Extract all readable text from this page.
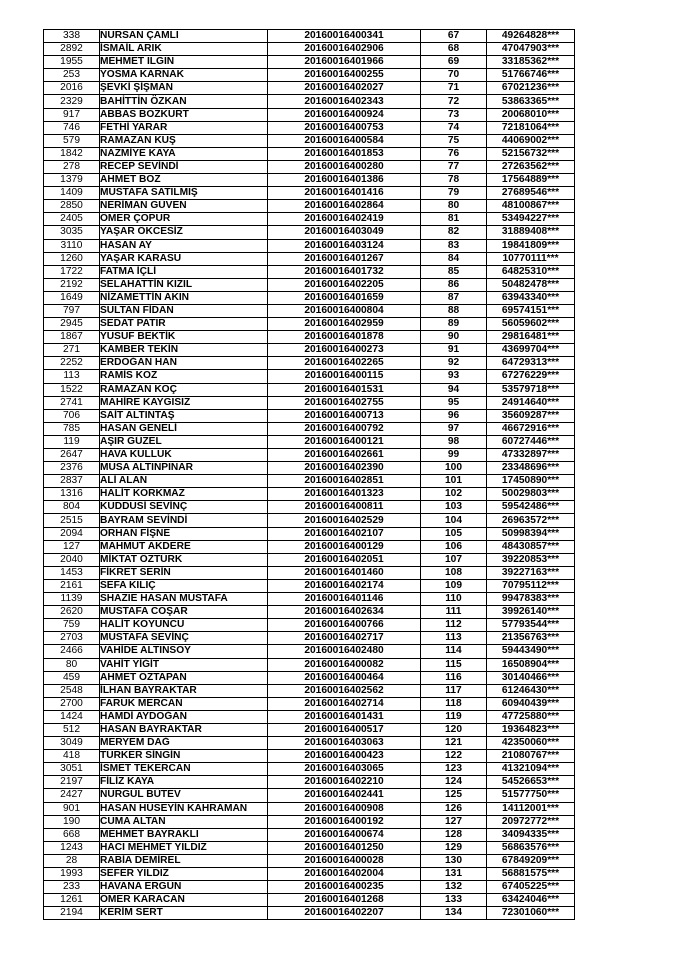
338	NURSAN ÇAMLI	20160016400341	67	49264828***
2892	İSMAİL ARIK	20160016402906	68	47047903***
1955	MEHMET ILGIN	20160016401966	69	33185362***
253	YOSMA KARNAK	20160016400255	70	51766746***
2016	ŞEVKİ ŞİŞMAN	20160016402027	71	67021236***
2329	BAHİTTİN ÖZKAN	20160016402343	72	53863365***
917	ABBAS BOZKURT	20160016400924	73	20068010***
746	FETHİ YARAR	20160016400753	74	72181064***
579	RAMAZAN KUŞ	20160016400584	75	44069002***
1842	NAZMİYE KAYA	20160016401853	76	52156732***
278	RECEP SEVİNDİ	20160016400280	77	27263562***
1379	AHMET BOZ	20160016401386	78	17564889***
1409	MUSTAFA SATILMIŞ	20160016401416	79	27689546***
2850	NERİMAN GÜVEN	20160016402864	80	48100867***
2405	ÖMER ÇOPUR	20160016402419	81	53494227***
3035	YAŞAR ÖKCESİZ	20160016403049	82	31889408***
3110	HASAN AY	20160016403124	83	19841809***
1260	YAŞAR KARASU	20160016401267	84	10770111***
1722	FATMA İÇLİ	20160016401732	85	64825310***
2192	SELAHATTİN KIZIL	20160016402205	86	50482478***
1649	NİZAMETTİN AKIN	20160016401659	87	63943340***
797	SULTAN FİDAN	20160016400804	88	69574151***
2945	SEDAT PATIR	20160016402959	89	56059602***
1867	YUSUF BEKTİK	20160016401878	90	29816481***
271	KAMBER TEKİN	20160016400273	91	43699704***
2252	ERDOĞAN HAN	20160016402265	92	64729313***
113	RAMİS KOZ	20160016400115	93	67276229***
1522	RAMAZAN KOÇ	20160016401531	94	53579718***
2741	MAHİRE KAYGISIZ	20160016402755	95	24914640***
706	SAİT ALTINTAŞ	20160016400713	96	35609287***
785	HASAN GENELİ	20160016400792	97	46672916***
119	AŞIR GÜZEL	20160016400121	98	60727446***
2647	HAVA KULLUK	20160016402661	99	47332897***
2376	MUSA ALTINPINAR	20160016402390	100	23348696***
2837	ALİ ALAN	20160016402851	101	17450890***
1316	HALİT KORKMAZ	20160016401323	102	50029803***
804	KUDDUSİ SEVİNÇ	20160016400811	103	59542486***
2515	BAYRAM SEVİNDİ	20160016402529	104	26963572***
2094	ORHAN FİŞNE	20160016402107	105	50998394***
127	MAHMUT AKDERE	20160016400129	106	48430857***
2040	MİKTAT ÖZTÜRK	20160016402051	107	39220853***
1453	FİKRET SERİN	20160016401460	108	39227163***
2161	SEFA KILIÇ	20160016402174	109	70795112***
1139	SHAZIE HASAN MUSTAFA	20160016401146	110	99478383***
2620	MUSTAFA COŞAR	20160016402634	111	39926140***
759	HALİT KOYUNCU	20160016400766	112	57793544***
2703	MUSTAFA SEVİNÇ	20160016402717	113	21356763***
2466	VAHİDE ALTINSOY	20160016402480	114	59443490***
80	VAHİT YİĞİT	20160016400082	115	16508904***
459	AHMET ÖZTAPAN	20160016400464	116	30140466***
2548	İLHAN BAYRAKTAR	20160016402562	117	61246430***
2700	FARUK MERCAN	20160016402714	118	60940439***
1424	HAMDİ AYDOĞAN	20160016401431	119	47725880***
512	HASAN BAYRAKTAR	20160016400517	120	19364823***
3049	MERYEM DAĞ	20160016403063	121	42350060***
418	TÜRKER SİNGİN	20160016400423	122	21080767***
3051	İSMET TEKERCAN	20160016403065	123	41321094***
2197	FİLİZ KAYA	20160016402210	124	54526653***
2427	NURGÜL BÜTEV	20160016402441	125	51577750***
901	HASAN HÜSEYİN KAHRAMAN	20160016400908	126	14112001***
190	CUMA ALTAN	20160016400192	127	20972772***
668	MEHMET BAYRAKLI	20160016400674	128	34094335***
1243	HACI MEHMET YILDIZ	20160016401250	129	56863576***
28	RABİA DEMİREL	20160016400028	130	67849209***
1993	SEFER YILDIZ	20160016402004	131	56881575***
233	HAVANA ERGÜN	20160016400235	132	67405225***
1261	ÖMER KARACAN	20160016401268	133	63424046***
2194	KERİM SERT	20160016402207	134	72301060***
